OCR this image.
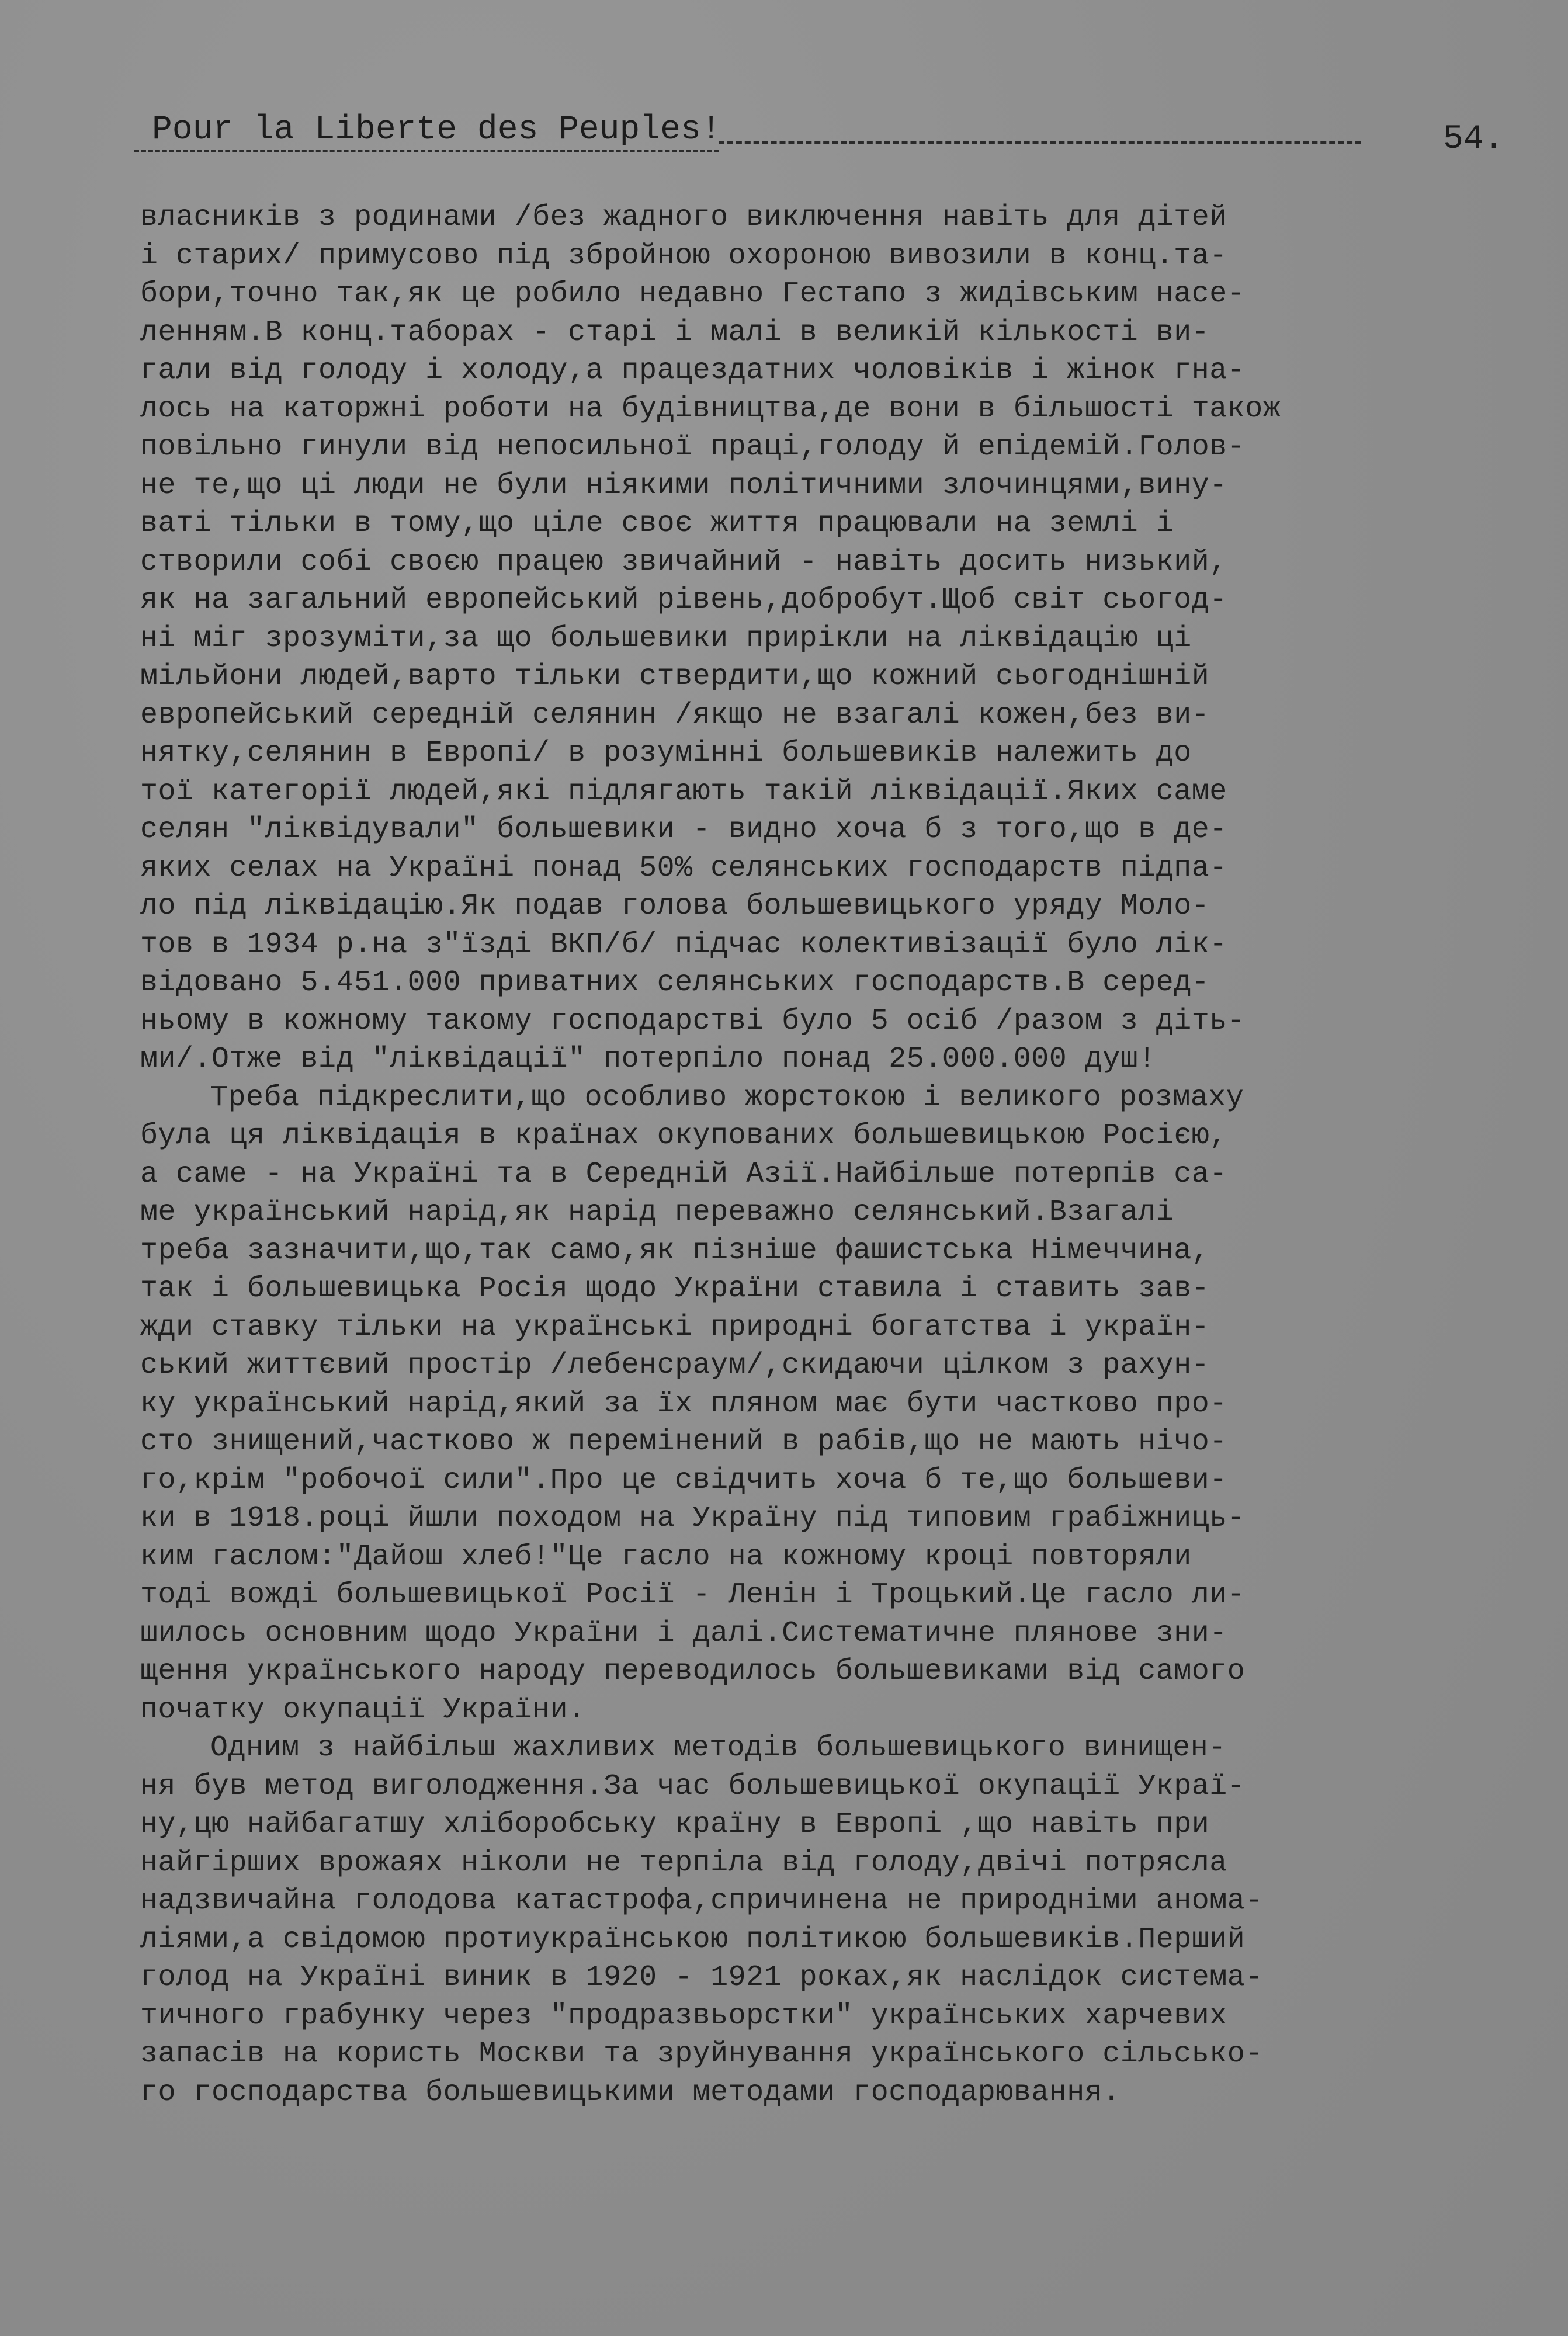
Pour la Liberte des Peuples!	54.
власників з родинами /без жадного виключення навіть для дітей
і старих/ примусово під збройною охороною вивозили в конц.та-
бори,точно так,як це робило недавно Гестапо з жидівським насе-
ленням.В конц.таборах - старі і малі в великій кількості ви-
гали від голоду і холоду,а працездатних чоловіків і жінок гна-
лось на каторжні роботи на будівництва,де вони в більшості також
повільно гинули від непосильної праці,голоду й епідемій.Голов-
не те,що ці люди не були ніякими політичними злочинцями,вину-
ваті тільки в тому,що ціле своє життя працювали на землі і
створили собі своєю працею звичайний - навіть досить низький,
як на загальний европейський рівень,добробут.Щоб світ сьогод-
ні міг зрозуміти,за що большевики прирікли на ліквідацію ці
мільйони людей,варто тільки ствердити,що кожний сьогоднішній
европейський середній селянин /якщо не взагалі кожен,без ви-
нятку,селянин в Европі/ в розумінні большевиків належить до
тої категорії людей,які підлягають такій ліквідації.Яких саме
селян "ліквідували" большевики - видно хоча б з того,що в де-
яких селах на Україні понад 50% селянських господарств підпа-
ло під ліквідацію.Як подав голова большевицького уряду Моло-
тов в 1934 р.на з"їзді ВКП/б/ підчас колективізації було лік-
відовано 5.451.000 приватних селянських господарств.В серед-
ньому в кожному такому господарстві було 5 осіб /разом з діть-
ми/.Отже від "ліквідації" потерпіло понад 25.000.000 душ!
Треба підкреслити,що особливо жорстокою і великого розмаху
була ця ліквідація в країнах окупованих большевицькою Росією,
а саме - на Україні та в Середній Азії.Найбільше потерпів са-
ме український нарід,як нарід переважно селянський.Взагалі
треба зазначити,що,так само,як пізніше фашистська Німеччина,
так і большевицька Росія щодо України ставила і ставить зав-
жди ставку тільки на українські природні богатства і україн-
ський життєвий простір /лебенсраум/,скидаючи цілком з рахун-
ку український нарід,який за їх пляном має бути частково про-
сто знищений,частково ж перемінений в рабів,що не мають нічо-
го,крім "робочої сили".Про це свідчить хоча б те,що большеви-
ки в 1918.році йшли походом на Україну під типовим грабіжниць-
ким гаслом:"Дайош хлеб!"Це гасло на кожному кроці повторяли
тоді вожді большевицької Росії - Ленін і Троцький.Це гасло ли-
шилось основним щодо України і далі.Систематичне плянове зни-
щення українського народу переводилось большевиками від самого
початку окупації України.
Одним з найбільш жахливих методів большевицького винищен-
ня був метод виголодження.За час большевицької окупації Украї-
ну,цю найбагатшу хліборобську країну в Европі ,що навіть при
найгірших врожаях ніколи не терпіла від голоду,двічі потрясла
надзвичайна голодова катастрофа,спричинена не природніми аномa-
ліями,а свідомою протиукраїнською політикою большевиків.Перший
голод на Україні виник в 1920 - 1921 роках,як наслідок система-
тичного грабунку через "продразвьорстки" українських харчевих
запасів на користь Москви та зруйнування українського сільсько-
го господарства большевицькими методами господарювання.
